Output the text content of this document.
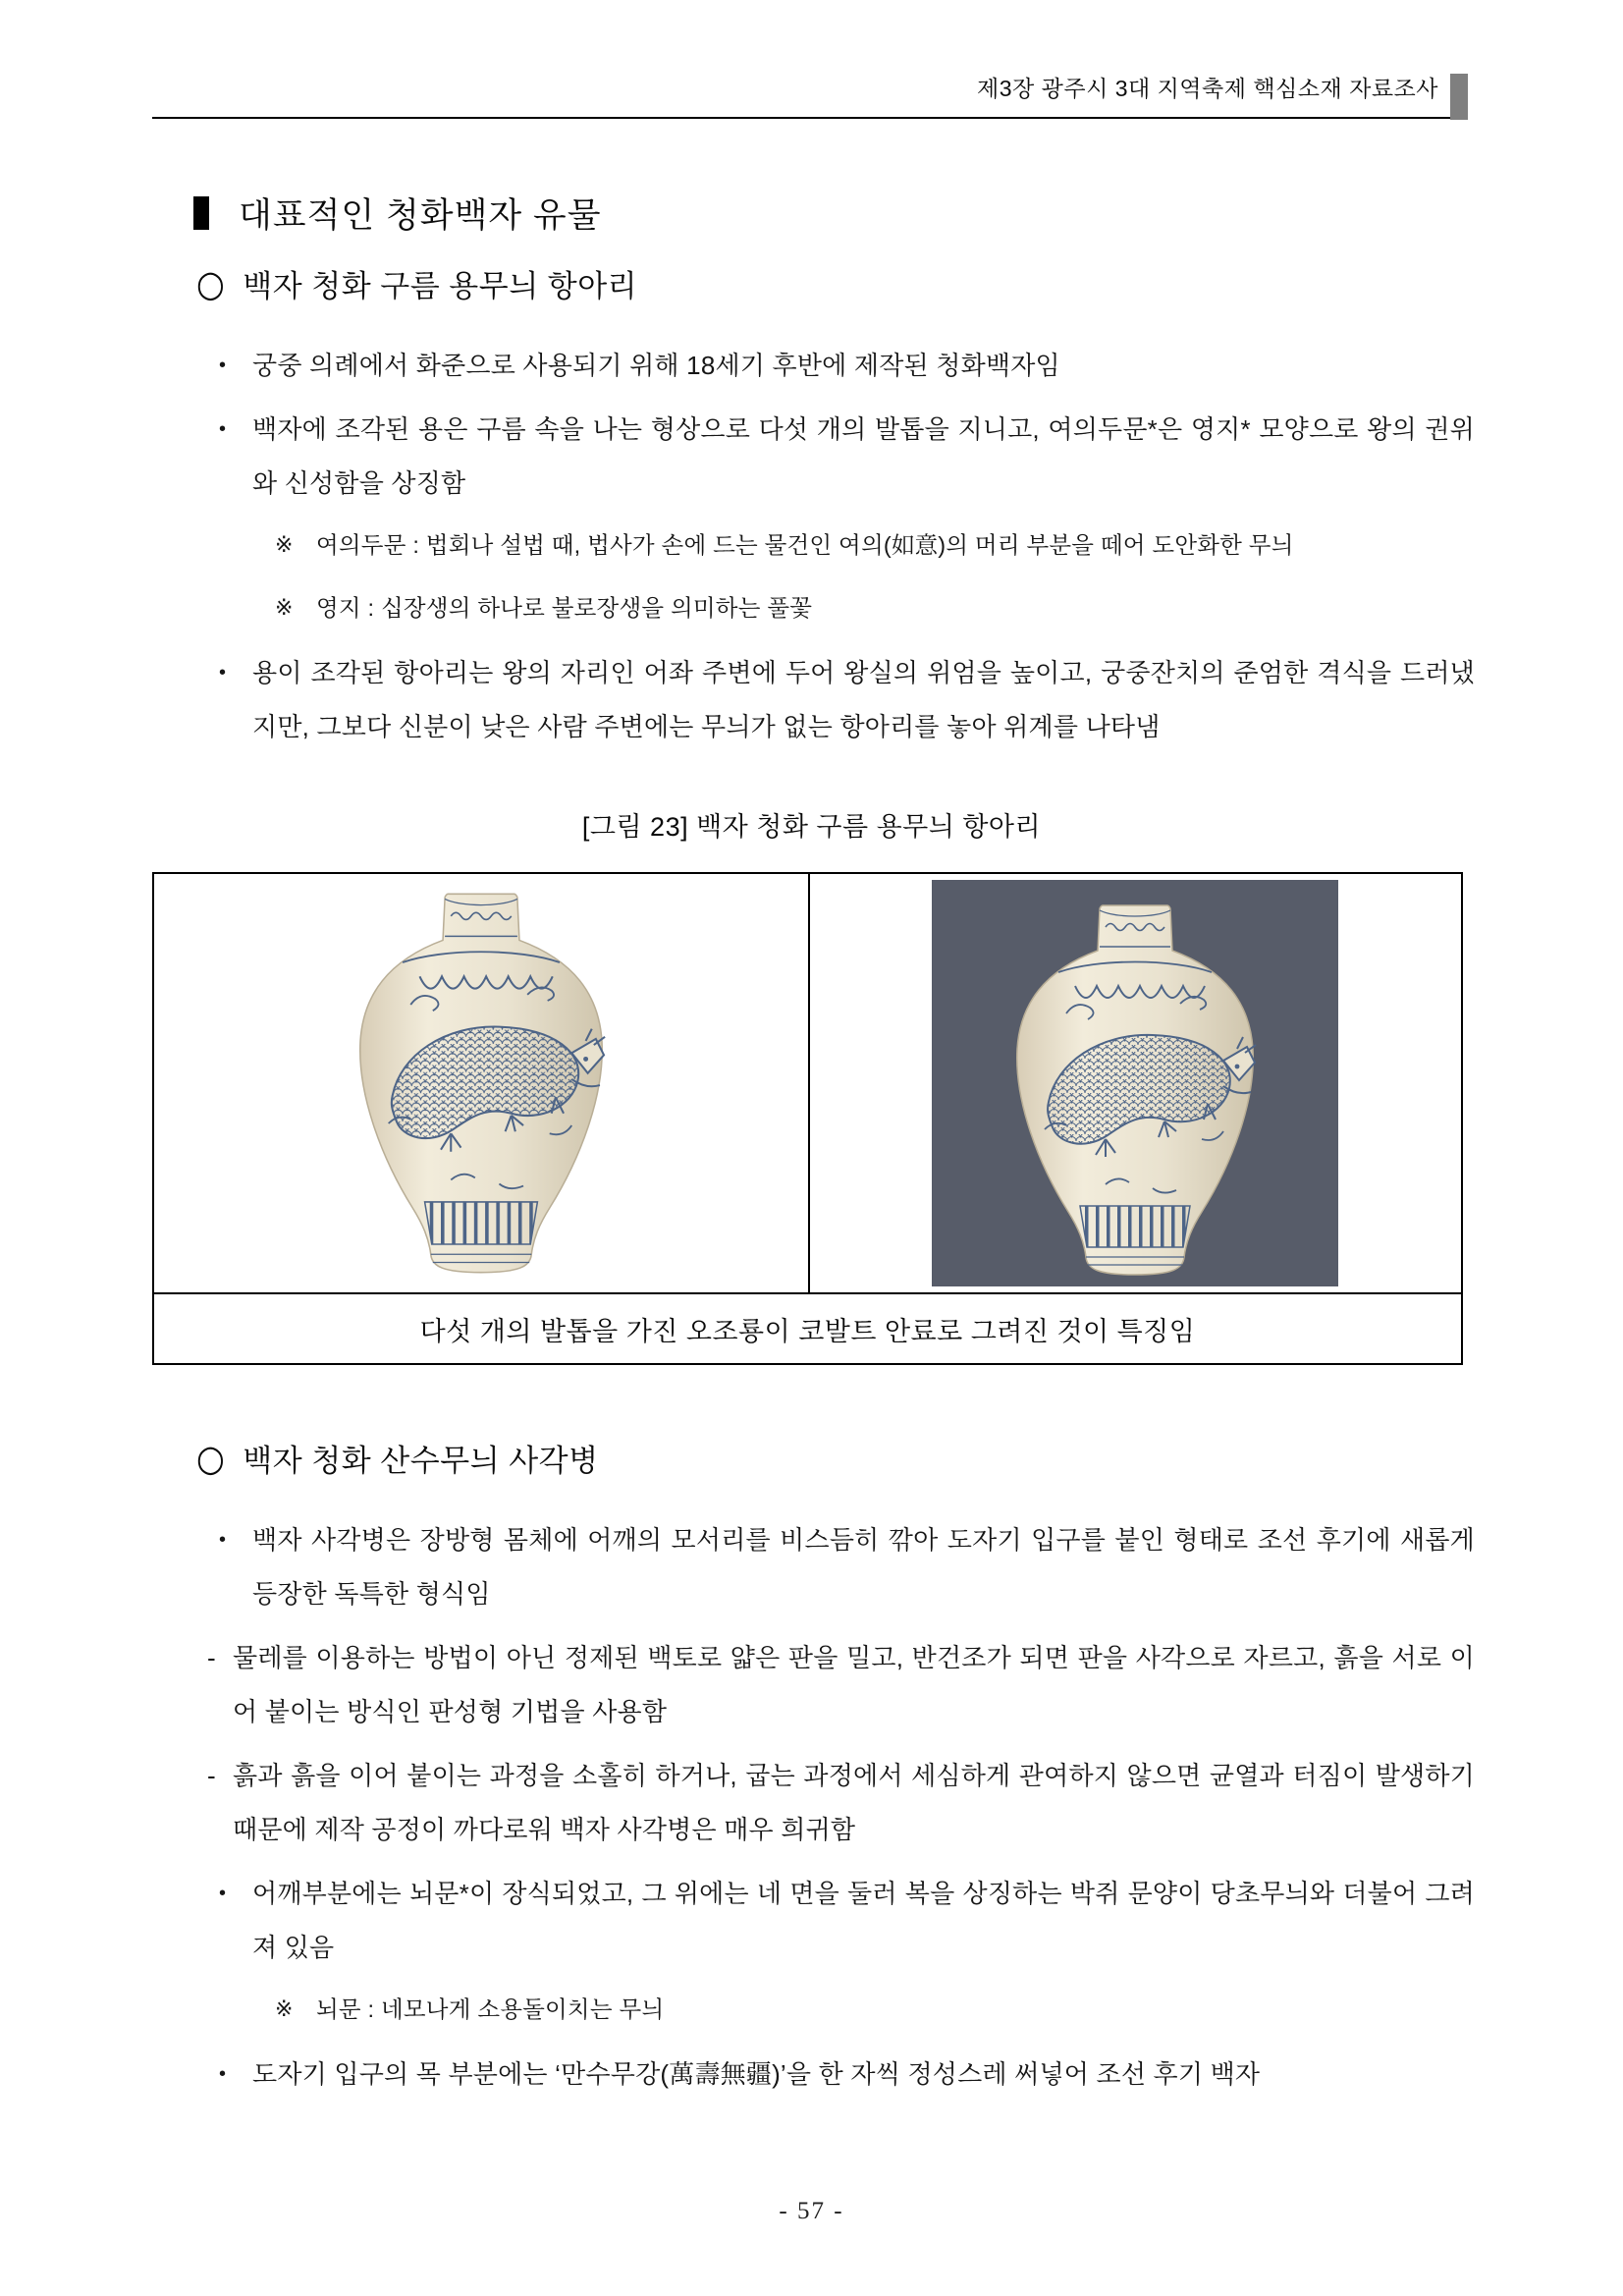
제3장 광주시 3대 지역축제 핵심소재 자료조사
대표적인 청화백자 유물
○ 백자 청화 구름 용무늬 항아리
• 궁중 의례에서 화준으로 사용되기 위해 18세기 후반에 제작된 청화백자임
• 백자에 조각된 용은 구름 속을 나는 형상으로 다섯 개의 발톱을 지니고, 여의두문*은 영지* 모양으로 왕의 권위와 신성함을 상징함
※ 여의두문 : 법회나 설법 때, 법사가 손에 드는 물건인 여의(如意)의 머리 부분을 떼어 도안화한 무늬
※ 영지 : 십장생의 하나로 불로장생을 의미하는 풀꽃
• 용이 조각된 항아리는 왕의 자리인 어좌 주변에 두어 왕실의 위엄을 높이고, 궁중잔치의 준엄한 격식을 드러냈지만, 그보다 신분이 낮은 사람 주변에는 무늬가 없는 항아리를 놓아 위계를 나타냄
[그림 23] 백자 청화 구름 용무늬 항아리
다섯 개의 발톱을 가진 오조룡이 코발트 안료로 그려진 것이 특징임
○ 백자 청화 산수무늬 사각병
• 백자 사각병은 장방형 몸체에 어깨의 모서리를 비스듬히 깎아 도자기 입구를 붙인 형태로 조선 후기에 새롭게 등장한 독특한 형식임
- 물레를 이용하는 방법이 아닌 정제된 백토로 얇은 판을 밀고, 반건조가 되면 판을 사각으로 자르고, 흙을 서로 이어 붙이는 방식인 판성형 기법을 사용함
- 흙과 흙을 이어 붙이는 과정을 소홀히 하거나, 굽는 과정에서 세심하게 관여하지 않으면 균열과 터짐이 발생하기 때문에 제작 공정이 까다로워 백자 사각병은 매우 희귀함
• 어깨부분에는 뇌문*이 장식되었고, 그 위에는 네 면을 둘러 복을 상징하는 박쥐 문양이 당초무늬와 더불어 그려져 있음
※ 뇌문 : 네모나게 소용돌이치는 무늬
• 도자기 입구의 목 부분에는 ‘만수무강(萬壽無疆)’을 한 자씩 정성스레 써넣어 조선 후기 백자
- 57 -
